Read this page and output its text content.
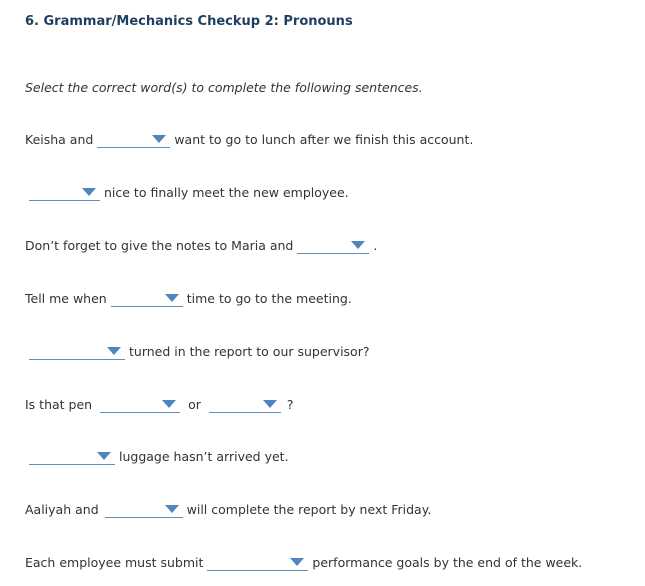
6. Grammar/Mechanics Checkup 2: Pronouns
Select the correct word(s) to complete the following sentences.
Keisha and	want to go to lunch after we finish this account.
nice to finally meet the new employee.
Don’t forget to give the notes to Maria and	.
Tell me when	time to go to the meeting.
turned in the report to our supervisor?
Is that pen	or	?
luggage hasn’t arrived yet.
Aaliyah and	will complete the report by next Friday.
Each employee must submit	performance goals by the end of the week.
